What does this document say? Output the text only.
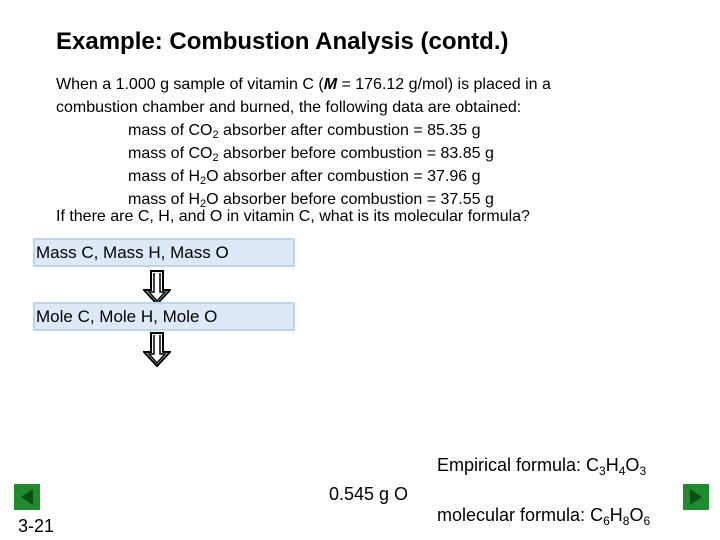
Example: Combustion Analysis (contd.)
When a 1.000 g sample of vitamin C (M = 176.12 g/mol) is placed in a
combustion chamber and burned, the following data are obtained:
mass of $CO_2$ absorber after combustion = 85.35 g
mass of $CO_2$ absorber before combustion = 83.85 g
mass of $H_2O$ absorber after combustion = 37.96 g
mass of $H_2O$ absorber before combustion = 37.55 g
If there are C, H, and O in vitamin C, what is its molecular formula?
Mass C, Mass H, Mass O
Mole C, Mole H, Mole O
Empirical formula: $C_3H_4O_3$
0.545 g O
molecular formula: $C_6H_8O_6$
3-21
